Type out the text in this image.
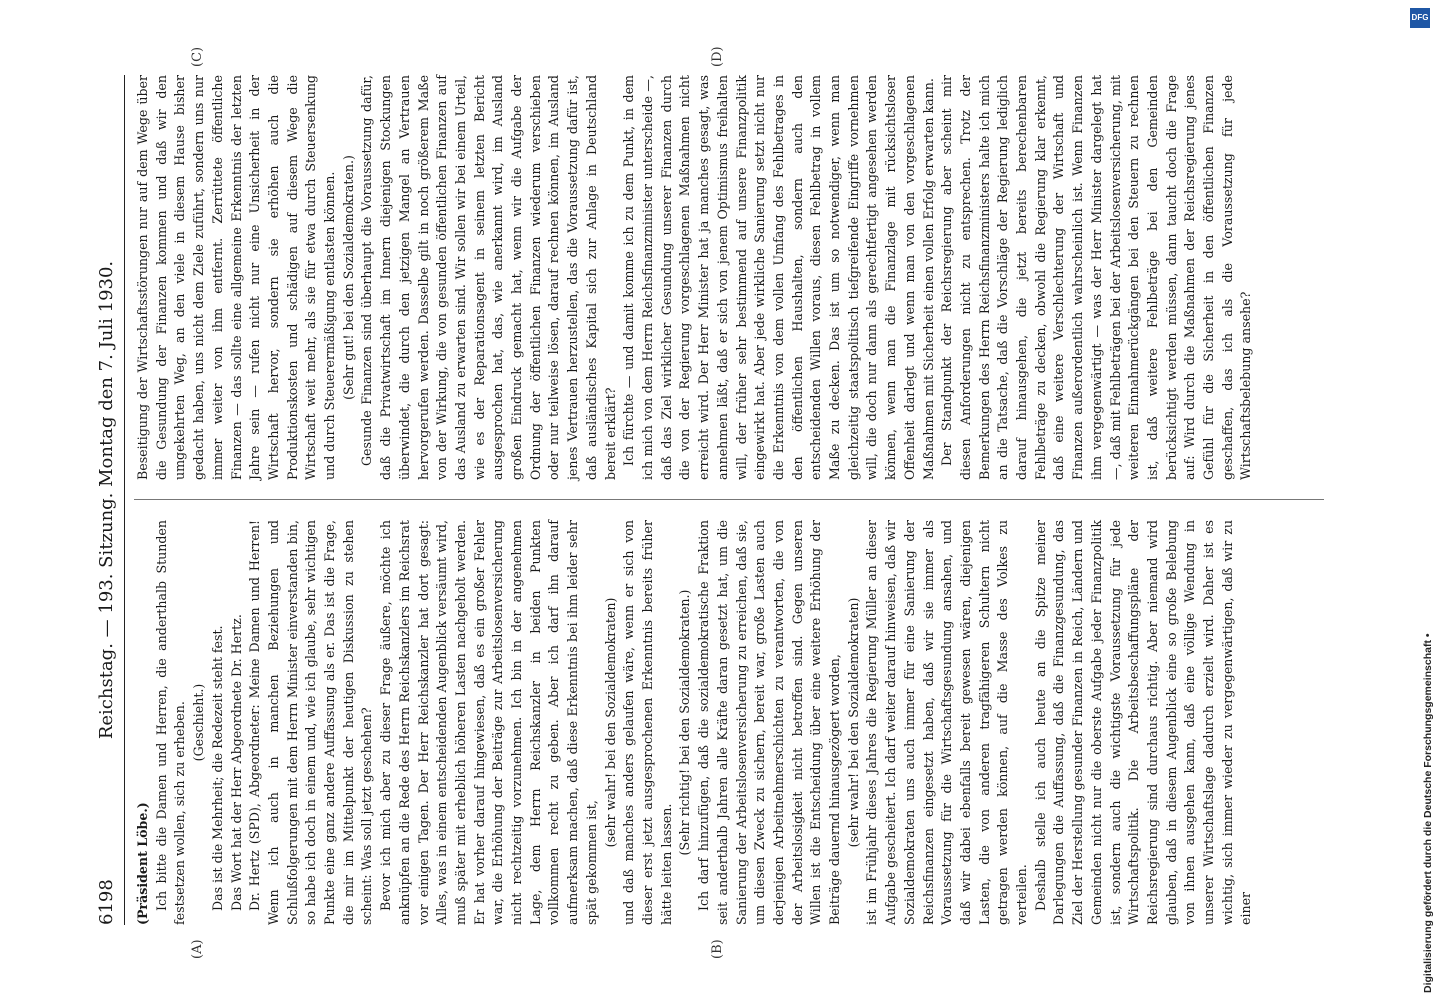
6198
Reichstag. — 193. Sitzung. Montag den 7. Juli 1930.
(A)	(B)
(C)	(D)

(Präsident Löbe.) Ich bitte die Damen und Herren, die anderthalb Stunden festsetzen wollen, sich zu erheben. (Geschieht.) Das ist die Mehrheit; die Redezeit steht fest. Das Wort hat der Herr Abgeordnete Dr. Hertz. Dr. Hertz (SPD), Abgeordneter: Meine Damen und Herren! Wenn ich auch in manchen Beziehungen und Schlußfolgerungen mit dem Herrn Minister einverstanden bin, so habe ich doch in einem und, wie ich glaube, sehr wichtigen Punkte eine ganz andere Auffassung als er. Das ist die Frage, die mir im Mittelpunkt der heutigen Diskussion zu stehen scheint: Was soll jetzt geschehen? Bevor ich mich aber zu dieser Frage äußere, möchte ich anknüpfen an die Rede des Herrn Reichskanzlers im Reichsrat vor einigen Tagen. Der Herr Reichskanzler hat dort gesagt: Alles, was in einem entscheidenden Augenblick versäumt wird, muß später mit erheblich höheren Lasten nachgeholt werden. Er hat vorher darauf hingewiesen, daß es ein großer Fehler war, die Erhöhung der Beiträge zur Arbeitslosenversicherung nicht rechtzeitig vorzunehmen. Ich bin in der angenehmen Lage, dem Herrn Reichskanzler in beiden Punkten vollkommen recht zu geben. Aber ich darf ihn darauf aufmerksam machen, daß diese Erkenntnis bei ihm leider sehr spät gekommen ist,

(sehr wahr! bei den Sozialdemokraten) und daß manches anders gelaufen wäre, wenn er sich von dieser erst jetzt ausgesprochenen Erkenntnis bereits früher hätte leiten lassen.

(Sehr richtig! bei den Sozialdemokraten.) Ich darf hinzufügen, daß die sozialdemokratische Fraktion seit anderthalb Jahren alle Kräfte daran gesetzt hat, um die Sanierung der Arbeitslosenversicherung zu erreichen, daß sie, um diesen Zweck zu sichern, bereit war, große Lasten auch derjenigen Arbeitnehmerschichten zu verantworten, die von der Arbeitslosigkeit nicht betroffen sind. Gegen unseren Willen ist die Entscheidung über eine weitere Erhöhung der Beiträge dauernd hinausgezögert worden, (sehr wahr! bei den Sozialdemokraten) ist im Frühjahr dieses Jahres die Regierung Müller an dieser Aufgabe gescheitert. Ich darf weiter darauf hinweisen, daß wir Sozialdemokraten uns auch immer für eine Sanierung der Reichsfinanzen eingesetzt haben, daß wir sie immer als Voraussetzung für die Wirtschaftsgesundung ansahen, und daß wir dabei ebenfalls bereit gewesen wären, diejenigen Lasten, die von anderen tragfähigeren Schultern nicht getragen werden können, auf die Masse des Volkes zu verteilen. Deshalb stelle ich auch heute an die Spitze meiner Darlegungen die Auffassung, daß die Finanzgesundung, das Ziel der Herstellung gesunder Finanzen in Reich, Ländern und Gemeinden nicht nur die oberste Aufgabe jeder Finanzpolitik ist, sondern auch die wichtigste Voraussetzung für jede Wirtschaftspolitik. Die Arbeitsbeschaffungspläne der Reichsregierung sind durchaus richtig. Aber niemand wird glauben, daß in diesem Augenblick eine so große Belebung von ihnen ausgehen kann, daß eine völlige Wendung in unserer Wirtschaftslage dadurch erzielt wird. Daher ist es wichtig, sich immer wieder zu vergegenwärtigen, daß wir zu einer

Beseitigung der Wirtschaftsstörungen nur auf dem Wege über die Gesundung der Finanzen kommen und daß wir den umgekehrten Weg, an den viele in diesem Hause bisher gedacht haben, uns nicht dem Ziele zuführt, sondern uns nur immer weiter von ihm entfernt. Zerrüttete öffentliche Finanzen — das sollte eine allgemeine Erkenntnis der letzten Jahre sein — rufen nicht nur eine Unsicherheit in der Wirtschaft hervor, sondern sie erhöhen auch die Produktionskosten und schädigen auf diesem Wege die Wirtschaft weit mehr, als sie für etwa durch Steuersenkung und durch Steuerermäßigung entlasten können. (Sehr gut! bei den Sozialdemokraten.) Gesunde Finanzen sind überhaupt die Voraussetzung dafür, daß die Privatwirtschaft im Innern diejenigen Stockungen überwindet, die durch den jetzigen Mangel an Vertrauen hervorgerufen werden. Dasselbe gilt in noch größerem Maße von der Wirkung, die von gesunden öffentlichen Finanzen auf das Ausland zu erwarten sind. Wir sollen wir bei einem Urteil, wie es der Reparationsagent in seinem letzten Bericht ausgesprochen hat, das, wie anerkannt wird, im Ausland großen Eindruck gemacht hat, wenn wir die Aufgabe der Ordnung der öffentlichen Finanzen wiederum verschieben oder nur teilweise lösen, darauf rechnen können, im Ausland jenes Vertrauen herzustellen, das die Voraussetzung dafür ist, daß ausländisches Kapital sich zur Anlage in Deutschland bereit erklärt? Ich fürchte — und damit komme ich zu dem Punkt, in dem ich mich von dem Herrn Reichsfinanzminister unterscheide —, daß das Ziel wirklicher Gesundung unserer Finanzen durch die von der Regierung vorgeschlagenen Maßnahmen nicht erreicht wird. Der Herr Minister hat ja manches gesagt, was annehmen läßt, daß er sich von jenem Optimismus freihalten will, der früher sehr bestimmend auf unsere Finanzpolitik eingewirkt hat. Aber jede wirkliche Sanierung setzt nicht nur die Erkenntnis von dem vollen Umfang des Fehlbetrages in den öffentlichen Haushalten, sondern auch den entscheidenden Willen voraus, diesen Fehlbetrag in vollem Maße zu decken. Das ist um so notwendiger, wenn man gleichzeitig staatspolitisch tiefgreifende Eingriffe vornehmen will, die doch nur dann als gerechtfertigt angesehen werden können, wenn man die Finanzlage mit rücksichtsloser Offenheit darlegt und wenn man von den vorgeschlagenen Maßnahmen mit Sicherheit einen vollen Erfolg erwarten kann. Der Standpunkt der Reichsregierung aber scheint mir diesen Anforderungen nicht zu entsprechen. Trotz der Bemerkungen des Herrn Reichsfinanzministers halte ich mich an die Tatsache, daß die Vorschläge der Regierung lediglich darauf hinausgehen, die jetzt bereits berechenbaren Fehlbeträge zu decken, obwohl die Regierung klar erkennt, daß eine weitere Verschlechterung der Wirtschaft und Finanzen außerordentlich wahrscheinlich ist. Wenn Finanzen ihm vergegenwärtigt — was der Herr Minister dargelegt hat —, daß mit Fehlbeträgen bei der Arbeitslosenversicherung, mit weiteren Einnahmerückgängen bei den Steuern zu rechnen ist, daß weitere Fehlbeträge bei den Gemeinden berücksichtigt werden müssen, dann taucht doch die Frage auf: Wird durch die Maßnahmen der Reichsregierung jenes Gefühl für die Sicherheit in den öffentlichen Finanzen geschaffen, das ich als die Voraussetzung für jede Wirtschaftsbelebung ansehe?

DFG
Digitalisierung gefördert durch die Deutsche Forschungsgemeinschaft •
